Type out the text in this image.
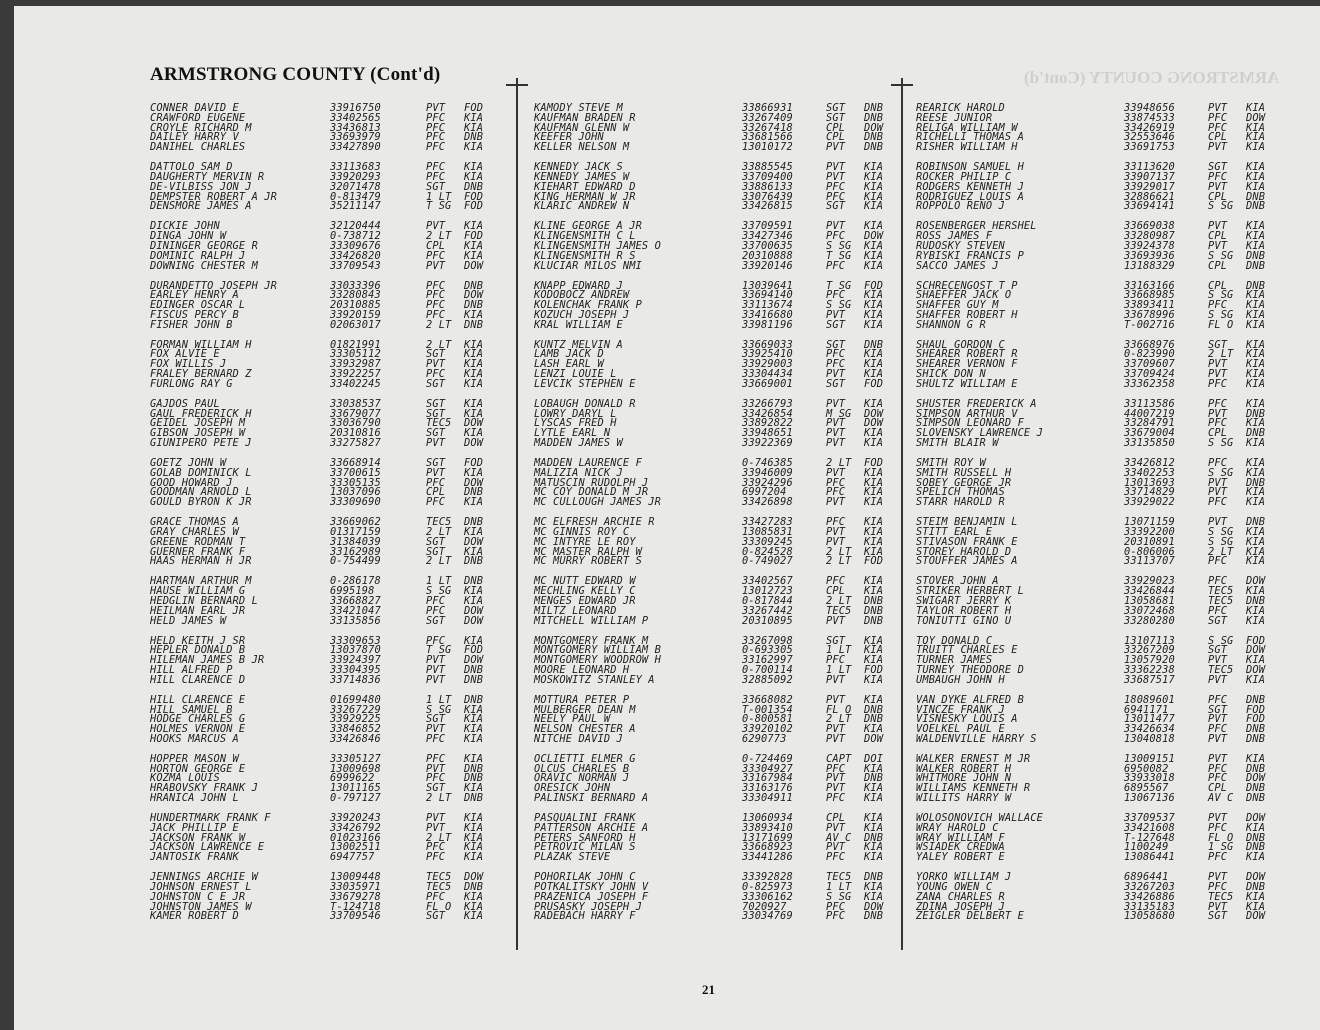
ARMSTRONG COUNTY (Cont'd)
ARMSTRONG COUNTY (Cont'd)
CONNER DAVID E	33916750	PVT FOD
CRAWFORD EUGENE	33402565	PFC KIA
CROYLE RICHARD M	33436813	PFC KIA
DAILEY HARRY V	33693979	PFC DNB
DANIHEL CHARLES	33427890	PFC KIA
DATTOLO SAM D	33113683	PFC KIA
DAUGHERTY MERVIN R	33920293	PFC KIA
DE-VILBISS JON J	32071478	SGT DNB
DEMPSTER ROBERT A JR	0-813479	1 LT FOD
DENSMORE JAMES A	35211147	T SG FOD
DICKIE JOHN	32120444	PVT KIA
DINGA JOHN W	0-738712	2 LT FOD
DININGER GEORGE R	33309676	CPL KIA
DOMINIC RALPH J	33426820	PFC KIA
DOWNING CHESTER M	33709543	PVT DOW
DURANDETTO JOSEPH JR	33033396	PFC DNB
EARLEY HENRY A	33280843	PFC DOW
EDINGER OSCAR L	20310885	PFC DNB
FISCUS PERCY B	33920159	PFC KIA
FISHER JOHN B	02063017	2 LT DNB
FORMAN WILLIAM H	01821991	2 LT KIA
FOX ALVIE E	33305112	SGT KIA
FOX WILLIS J	33932987	PVT KIA
FRALEY BERNARD Z	33922257	PFC KIA
FURLONG RAY G	33402245	SGT KIA
GAJDOS PAUL	33038537	SGT KIA
GAUL FREDERICK H	33679077	SGT KIA
GEIDEL JOSEPH M	33036790	TEC5 DOW
GIBSON JOSEPH W	20310816	SGT KIA
GIUNIPERO PETE J	33275827	PVT DOW
GOETZ JOHN W	33668914	SGT FOD
GOLAB DOMINICK L	33700615	PVT KIA
GOOD HOWARD J	33305135	PFC DOW
GOODMAN ARNOLD L	13037096	CPL DNB
GOULD BYRON K JR	33309690	PFC KIA
GRACE THOMAS A	33669062	TEC5 DNB
GRAY CHARLES W	01317159	2 LT KIA
GREENE RODMAN T	31384039	SGT DOW
GUERNER FRANK F	33162989	SGT KIA
HAAS HERMAN H JR	0-754499	2 LT DNB
HARTMAN ARTHUR M	0-286178	1 LT DNB
HAUSE WILLIAM G	6995198	S SG KIA
HEDGLIN BERNARD L	33668827	PFC KIA
HEILMAN EARL JR	33421047	PFC DOW
HELD JAMES W	33135856	SGT DOW
HELD KEITH J SR	33309653	PFC KIA
HEPLER DONALD B	13037870	T SG FOD
HILEMAN JAMES B JR	33924397	PVT DOW
HILL ALFRED P	33304395	PVT DNB
HILL CLARENCE D	33714836	PVT DNB
HILL CLARENCE E	01699480	1 LT DNB
HILL SAMUEL B	33267229	S SG KIA
HODGE CHARLES G	33929225	SGT KIA
HOLMES VERNON E	33846852	PVT KIA
HOOKS MARCUS A	33426846	PFC KIA
HOPPER MASON W	33305127	PFC KIA
HORTON GEORGE E	13009698	PVT DNB
KOZMA LOUIS	6999622	PFC DNB
HRABOVSKY FRANK J	13011165	SGT KIA
HRANICA JOHN L	0-797127	2 LT DNB
HUNDERTMARK FRANK F	33920243	PVT KIA
JACK PHILLIP E	33426792	PVT KIA
JACKSON FRANK W	01023166	2 LT KIA
JACKSON LAWRENCE E	13002511	PFC KIA
JANTOSIK FRANK	6947757	PFC KIA
JENNINGS ARCHIE W	13009448	TEC5 DOW
JOHNSON ERNEST L	33035971	TEC5 DNB
JOHNSTON C E JR	33679278	PFC KIA
JOHNSTON JAMES W	T-124718	FL O KIA
KAMER ROBERT D	33709546	SGT KIA
KAMODY STEVE M	33866931	SGT DNB
KAUFMAN BRADEN R	33267409	SGT DNB
KAUFMAN GLENN W	33267418	CPL DOW
KEEFER JOHN	33681566	CPL DNB
KELLER NELSON M	13010172	PVT DNB
KENNEDY JACK S	33885545	PVT KIA
KENNEDY JAMES W	33709400	PVT KIA
KIEHART EDWARD D	33886133	PFC KIA
KING HERMAN W JR	33076439	PFC KIA
KLARIC ANDREW N	33426815	SGT KIA
KLINE GEORGE A JR	33709591	PVT KIA
KLINGENSMITH C L	33427346	PFC DOW
KLINGENSMITH JAMES O	33700635	S SG KIA
KLINGENSMITH R S	20310888	T SG KIA
KLUCIAR MILOS NMI	33920146	PFC KIA
KNAPP EDWARD J	13039641	T SG FOD
KODOBOCZ ANDREW	33694140	PFC KIA
KOLENCHAK FRANK P	33113674	S SG KIA
KOZUCH JOSEPH J	33416680	PVT KIA
KRAL WILLIAM E	33981196	SGT KIA
KUNTZ MELVIN A	33669033	SGT DNB
LAMB JACK D	33925410	PFC KIA
LASH EARL W	33929003	PFC KIA
LENZI LOUIE L	33304434	PVT KIA
LEVCIK STEPHEN E	33669001	SGT FOD
LOBAUGH DONALD R	33266793	PVT KIA
LOWRY DARYL L	33426854	M SG DOW
LYSCAS FRED H	33892822	PVT DOW
LYTLE EARL N	33948651	PVT KIA
MADDEN JAMES W	33922369	PVT KIA
MADDEN LAURENCE F	0-746385	2 LT FOD
MALIZIA NICK J	33946009	PVT KIA
MATUSCIN RUDOLPH J	33924296	PFC KIA
MC COY DONALD M JR	6997204	PFC KIA
MC CULLOUGH JAMES JR	33426898	PVT KIA
MC ELFRESH ARCHIE R	33427283	PFC KIA
MC GINNIS ROY C	13085831	PVT KIA
MC INTYRE LE ROY	33309245	PVT KIA
MC MASTER RALPH W	0-824528	2 LT KIA
MC MURRY ROBERT S	0-749027	2 LT FOD
MC NUTT EDWARD W	33402567	PFC KIA
MECHLING KELLY C	13012723	CPL KIA
MENGES EDWARD JR	0-817844	2 LT DNB
MILTZ LEONARD	33267442	TEC5 DNB
MITCHELL WILLIAM P	20310895	PVT DNB
MONTGOMERY FRANK M	33267098	SGT KIA
MONTGOMERY WILLIAM B	0-693305	1 LT KIA
MONTGOMERY WOODROW H	33162997	PFC KIA
MOORE LEONARD H	0-700114	1 LT FOD
MOSKOWITZ STANLEY A	32885092	PVT KIA
MOTTURA PETER P	33668082	PVT KIA
MULBERGER DEAN M	T-001354	FL O DNB
NEELY PAUL W	0-800581	2 LT DNB
NELSON CHESTER A	33920102	PVT KIA
NITCHE DAVID J	6290773	PVT DOW
OCLIETTI ELMER G	0-724469	CAPT DOI
OLCUS CHARLES B	33304927	PFC KIA
ORAVIC NORMAN J	33167984	PVT DNB
ORESICK JOHN	33163176	PVT KIA
PALINSKI BERNARD A	33304911	PFC KIA
PASQUALINI FRANK	13060934	CPL KIA
PATTERSON ARCHIE A	33893410	PVT KIA
PETERS SANFORD H	13171699	AV C DNB
PETROVIC MILAN S	33668923	PVT KIA
PLAZAK STEVE	33441286	PFC KIA
POHORILAK JOHN C	33392828	TEC5 DNB
POTKALITSKY JOHN V	0-825973	1 LT KIA
PRAZENICA JOSEPH F	33306162	S SG KIA
PRUSASKY JOSEPH J	7020927	PFC DOW
RADEBACH HARRY F	33034769	PFC DNB
REARICK HAROLD	33948656	PVT KIA
REESE JUNIOR	33874533	PFC DOW
RELIGA WILLIAM W	33426919	PFC KIA
RICHELLI THOMAS A	32553646	CPL KIA
RISHER WILLIAM H	33691753	PVT KIA
ROBINSON SAMUEL H	33113620	SGT KIA
ROCKER PHILIP C	33907137	PFC KIA
RODGERS KENNETH J	33929017	PVT KIA
RODRIGUEZ LOUIS A	32886621	CPL DNB
ROPPOLO RENO J	33694141	S SG DNB
ROSENBERGER HERSHEL	33669038	PVT KIA
ROSS JAMES F	33280987	CPL KIA
RUDOSKY STEVEN	33924378	PVT KIA
RYBISKI FRANCIS P	33693936	S SG DNB
SACCO JAMES J	13188329	CPL DNB
SCHRECENGOST T P	33163166	CPL DNB
SHAEFFER JACK O	33668985	S SG KIA
SHAFFER GUY M	33893411	PFC KIA
SHAFFER ROBERT H	33678996	S SG KIA
SHANNON G R	T-002716	FL O KIA
SHAUL GORDON C	33668976	SGT KIA
SHEARER ROBERT R	0-823990	2 LT KIA
SHEARER VERNON F	33709607	PVT KIA
SHICK DON N	33709424	PVT KIA
SHULTZ WILLIAM E	33362358	PFC KIA
SHUSTER FREDERICK A	33113586	PFC KIA
SIMPSON ARTHUR V	44007219	PVT DNB
SIMPSON LEONARD F	33284791	PFC KIA
SLOVENSKY LAWRENCE J	33679004	CPL DNB
SMITH BLAIR W	33135850	S SG KIA
SMITH ROY W	33426812	PFC KIA
SMITH RUSSELL H	33402253	S SG KIA
SOBEY GEORGE JR	13013693	PVT DNB
SPELICH THOMAS	33714829	PVT KIA
STARR HAROLD R	33929022	PFC KIA
STEIM BENJAMIN L	13071159	PVT DNB
STITT EARL E	33392200	S SG KIA
STIVASON FRANK E	20310891	S SG KIA
STOREY HAROLD D	0-806006	2 LT KIA
STOUFFER JAMES A	33113707	PFC KIA
STOVER JOHN A	33929023	PFC DOW
STRIKER HERBERT L	33426844	TEC5 KIA
SWIGART JERRY K	13058681	TEC5 DNB
TAYLOR ROBERT H	33072468	PFC KIA
TONIUTTI GINO U	33280280	SGT KIA
TOY DONALD C	13107113	S SG FOD
TRUITT CHARLES E	33267209	SGT DOW
TURNER JAMES	13057920	PVT KIA
TURNEY THEODORE D	33362238	TEC5 DOW
UMBAUGH JOHN H	33687517	PVT KIA
VAN DYKE ALFRED B	18089601	PFC DNB
VINCZE FRANK J	6941171	SGT FOD
VISNESKY LOUIS A	13011477	PVT FOD
VOELKEL PAUL E	33426634	PFC DNB
WALDENVILLE HARRY S	13040818	PVT DNB
WALKER ERNEST M JR	13009151	PVT KIA
WALKER ROBERT H	6950082	PFC DNB
WHITMORE JOHN N	33933018	PFC DOW
WILLIAMS KENNETH R	6895567	CPL DNB
WILLITS HARRY W	13067136	AV C DNB
WOLOSONOVICH WALLACE	33709537	PVT DOW
WRAY HAROLD C	33421608	PFC KIA
WRAY WILLIAM F	T-127648	FL O DNB
WSIADEK CREDWA	1100249	1 SG DNB
YALEY ROBERT E	13086441	PFC KIA
YORKO WILLIAM J	6896441	PVT DOW
YOUNG OWEN C	33267203	PFC DNB
ZANA CHARLES R	33426886	TEC5 KIA
ZDINA JOSEPH J	33135183	PVT KIA
ZEIGLER DELBERT E	13058680	SGT DOW
21
